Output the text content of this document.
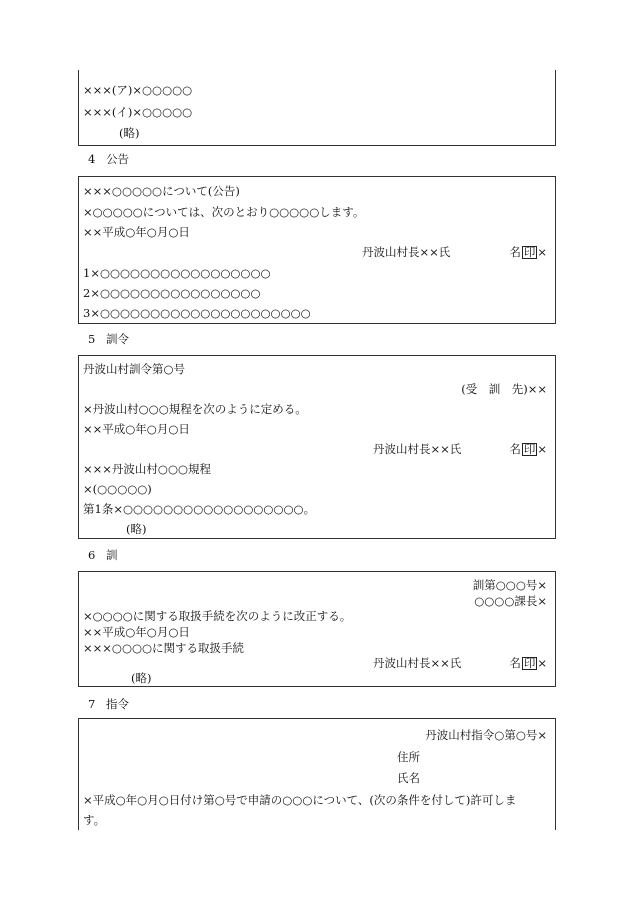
×××(ア)×○○○○○
×××(イ)×○○○○○
(略)
4 公告
×××○○○○○について(公告)
×○○○○○については、次のとおり○○○○○します。
××平成○年○月○日
丹波山村長××氏	名 印 ×
1×○○○○○○○○○○○○○○○○○
2×○○○○○○○○○○○○○○○○
3×○○○○○○○○○○○○○○○○○○○○○
5 訓令
丹波山村訓令第○号
(受　訓　先)××
×丹波山村○○○規程を次のように定める。
××平成○年○月○日
丹波山村長××氏	名 印 ×
×××丹波山村○○○規程
×(○○○○○)
第1条×○○○○○○○○○○○○○○○○○○。
(略)
6 訓
訓第○○○号×
○○○○課長×
×○○○○に関する取扱手続を次のように改正する。
××平成○年○月○日
×××○○○○に関する取扱手続
丹波山村長××氏	名 印 ×
(略)
7 指令
丹波山村指令○第○号×
住所
氏名
×平成○年○月○日付け第○号で申請の○○○について、(次の条件を付して)許可しま
す。
